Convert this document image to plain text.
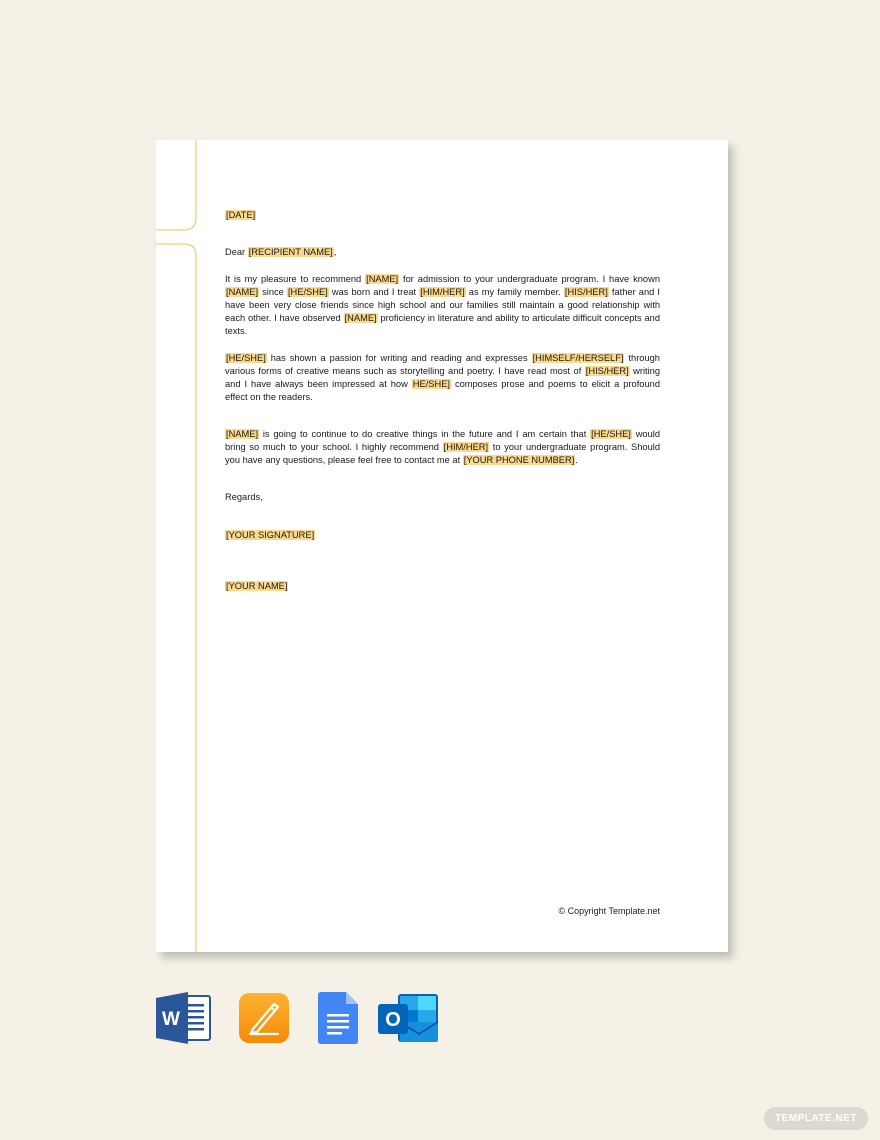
[DATE]

Dear [RECIPIENT NAME],

It is my pleasure to recommend [NAME] for admission to your undergraduate program. I have known [NAME] since [HE/SHE] was born and I treat [HIM/HER] as my family member. [HIS/HER] father and I have been very close friends since high school and our families still maintain a good relationship with each other. I have observed [NAME] proficiency in literature and ability to articulate difficult concepts and texts.

[HE/SHE] has shown a passion for writing and reading and expresses [HIMSELF/HERSELF] through various forms of creative means such as storytelling and poetry. I have read most of [HIS/HER] writing and I have always been impressed at how HE/SHE] composes prose and poems to elicit a profound effect on the readers.

[NAME] is going to continue to do creative things in the future and I am certain that [HE/SHE] would bring so much to your school. I highly recommend [HIM/HER] to your undergraduate program. Should you have any questions, please feel free to contact me at [YOUR PHONE NUMBER].

Regards,

[YOUR SIGNATURE]

[YOUR NAME]

© Copyright Template.net
W	O
TEMPLATE.NET
